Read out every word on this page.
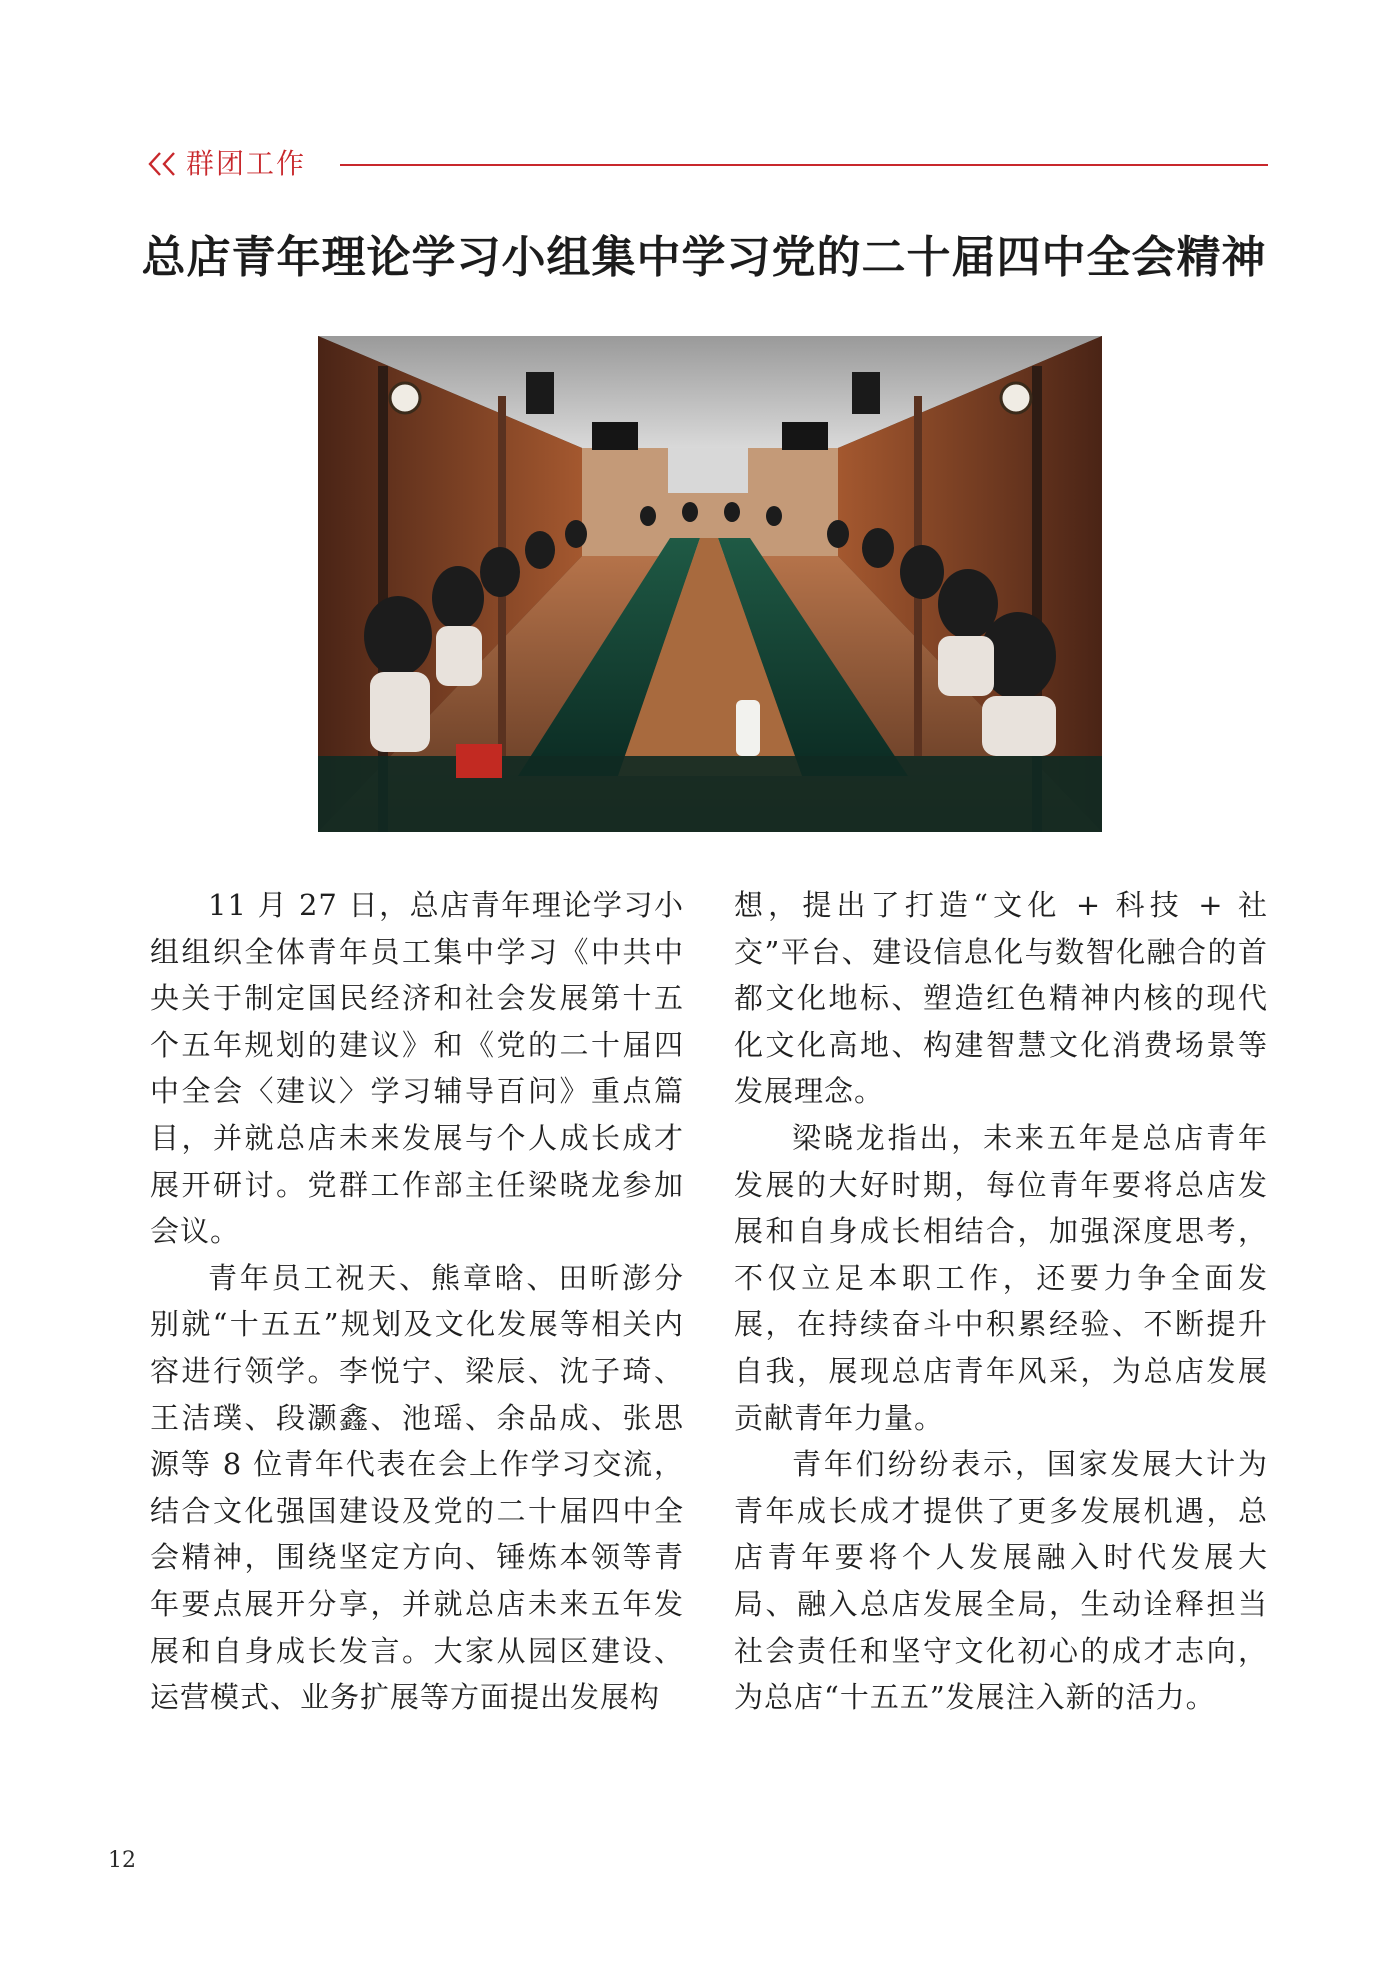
群团工作
总店青年理论学习小组集中学习党的二十届四中全会精神

11 月 27 日，总店青年理论学习小组组织全体青年员工集中学习《中共中央关于制定国民经济和社会发展第十五个五年规划的建议》和《党的二十届四中全会〈建议〉学习辅导百问》重点篇目，并就总店未来发展与个人成长成才展开研讨。党群工作部主任梁晓龙参加会议。

青年员工祝天、熊章晗、田昕澎分别就“十五五”规划及文化发展等相关内容进行领学。李悦宁、梁辰、沈子琦、王洁璞、段灏鑫、池瑶、余品成、张思源等 8 位青年代表在会上作学习交流，结合文化强国建设及党的二十届四中全会精神，围绕坚定方向、锤炼本领等青年要点展开分享，并就总店未来五年发展和自身成长发言。大家从园区建设、运营模式、业务扩展等方面提出发展构

想，提出了打造“文化 + 科技 + 社交”平台、建设信息化与数智化融合的首都文化地标、塑造红色精神内核的现代化文化高地、构建智慧文化消费场景等发展理念。

梁晓龙指出，未来五年是总店青年发展的大好时期，每位青年要将总店发展和自身成长相结合，加强深度思考，不仅立足本职工作，还要力争全面发展，在持续奋斗中积累经验、不断提升自我，展现总店青年风采，为总店发展贡献青年力量。

青年们纷纷表示，国家发展大计为青年成长成才提供了更多发展机遇，总店青年要将个人发展融入时代发展大局、融入总店发展全局，生动诠释担当社会责任和坚守文化初心的成才志向，为总店“十五五”发展注入新的活力。

12
